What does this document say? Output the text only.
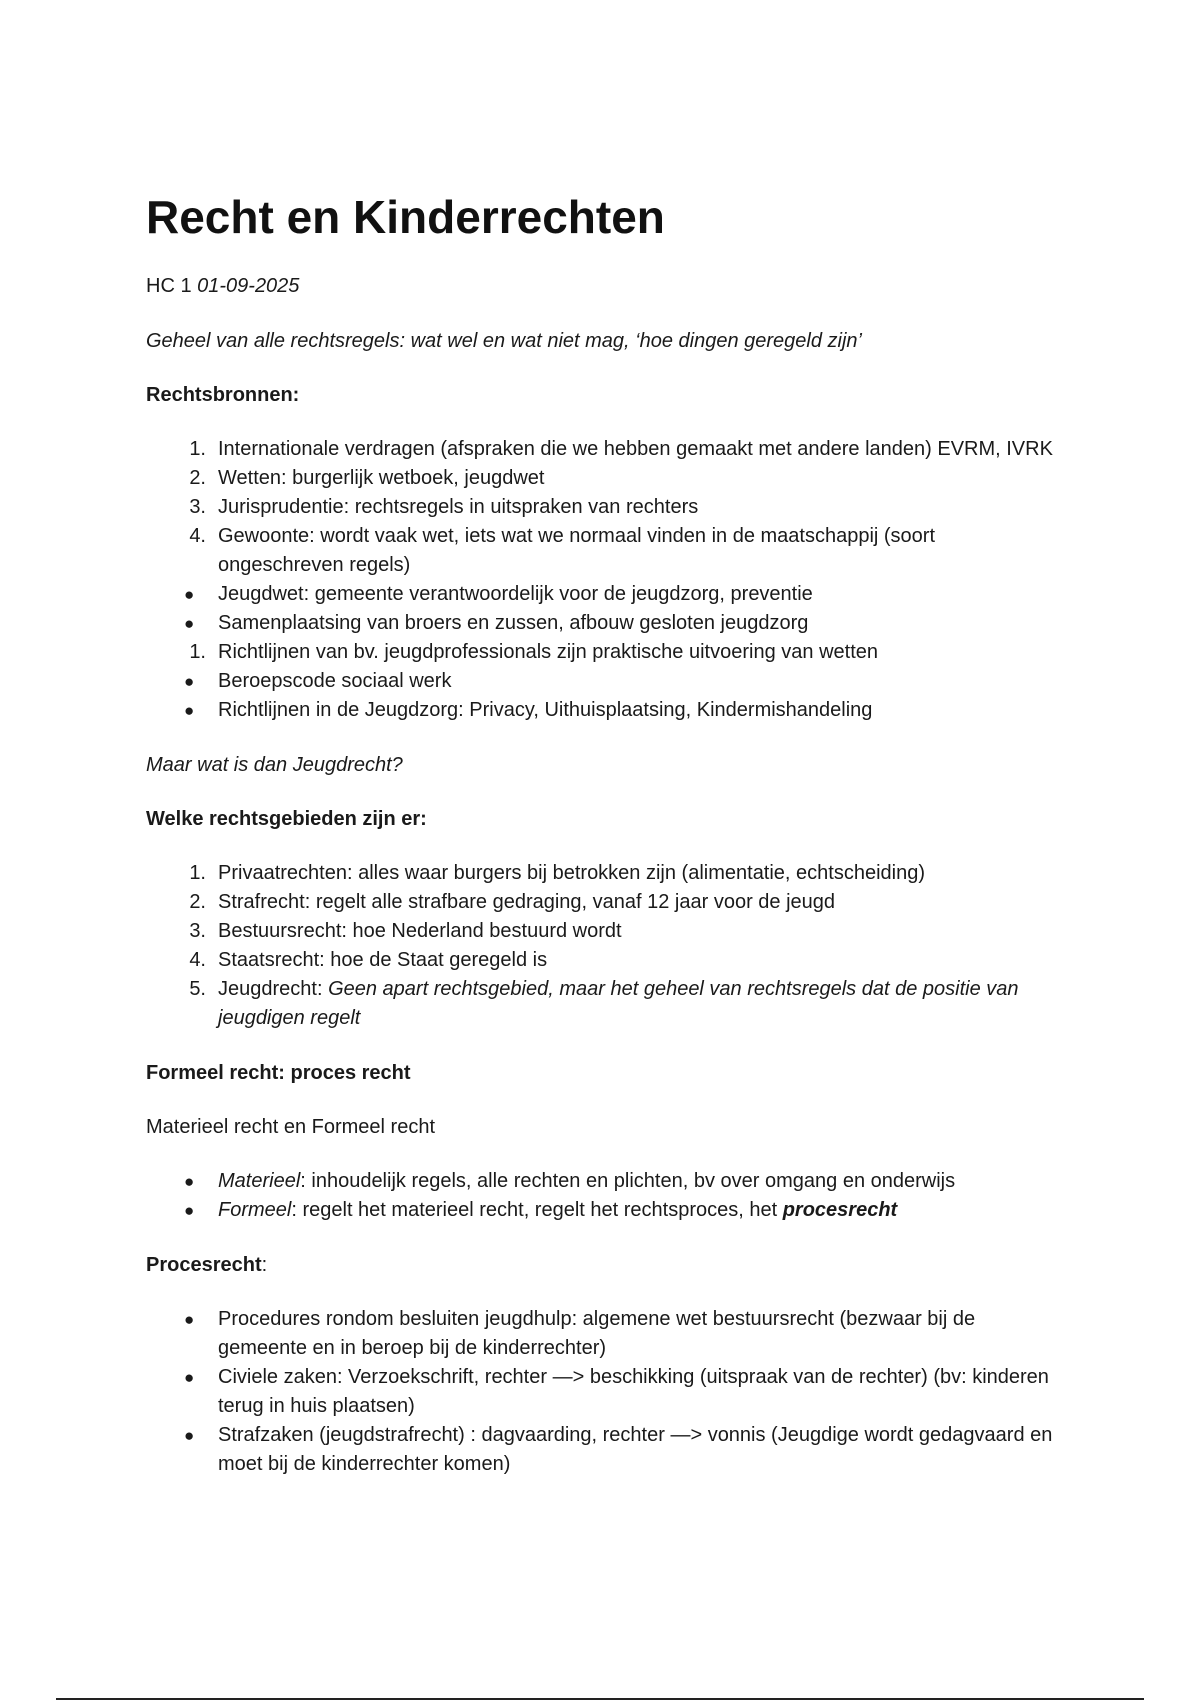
Recht en Kinderrechten
HC 1 01-09-2025
Geheel van alle rechtsregels: wat wel en wat niet mag, ‘hoe dingen geregeld zijn’
Rechtsbronnen:
1. Internationale verdragen (afspraken die we hebben gemaakt met andere landen) EVRM, IVRK
2. Wetten: burgerlijk wetboek, jeugdwet
3. Jurisprudentie: rechtsregels in uitspraken van rechters
4. Gewoonte: wordt vaak wet, iets wat we normaal vinden in de maatschappij (soort ongeschreven regels)
● Jeugdwet: gemeente verantwoordelijk voor de jeugdzorg, preventie
● Samenplaatsing van broers en zussen, afbouw gesloten jeugdzorg
1. Richtlijnen van bv. jeugdprofessionals zijn praktische uitvoering van wetten
● Beroepscode sociaal werk
● Richtlijnen in de Jeugdzorg: Privacy, Uithuisplaatsing, Kindermishandeling
Maar wat is dan Jeugdrecht?
Welke rechtsgebieden zijn er:
1. Privaatrechten: alles waar burgers bij betrokken zijn (alimentatie, echtscheiding)
2. Strafrecht: regelt alle strafbare gedraging, vanaf 12 jaar voor de jeugd
3. Bestuursrecht: hoe Nederland bestuurd wordt
4. Staatsrecht: hoe de Staat geregeld is
5. Jeugdrecht: Geen apart rechtsgebied, maar het geheel van rechtsregels dat de positie van jeugdigen regelt
Formeel recht: proces recht
Materieel recht en Formeel recht
● Materieel: inhoudelijk regels, alle rechten en plichten, bv over omgang en onderwijs
● Formeel: regelt het materieel recht, regelt het rechtsproces, het procesrecht
Procesrecht:
● Procedures rondom besluiten jeugdhulp: algemene wet bestuursrecht (bezwaar bij de gemeente en in beroep bij de kinderrechter)
● Civiele zaken: Verzoekschrift, rechter —> beschikking (uitspraak van de rechter) (bv: kinderen terug in huis plaatsen)
● Strafzaken (jeugdstrafrecht) : dagvaarding, rechter —> vonnis (Jeugdige wordt gedagvaard en moet bij de kinderrechter komen)
